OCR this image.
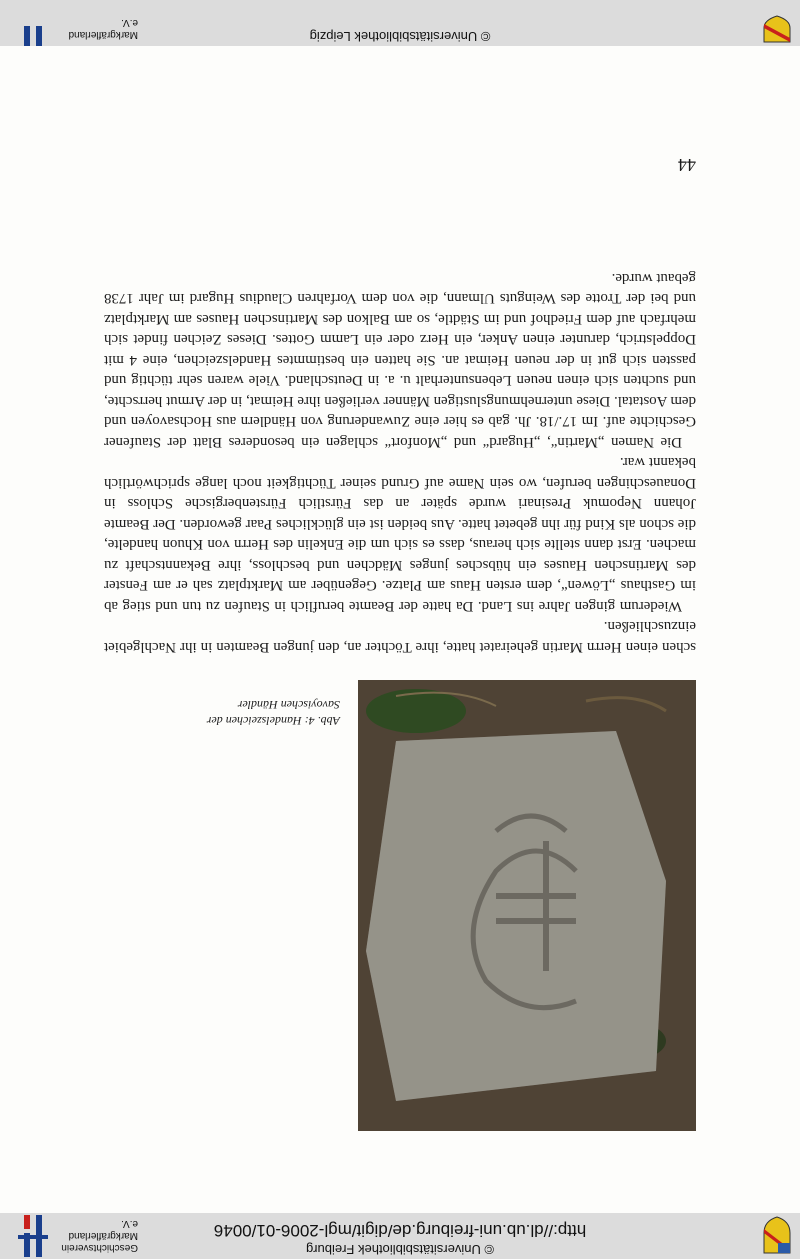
© Universitätsbibliothek Freiburg
http://dl.ub.uni-freiburg.de/digit/mgl-2006-01/0046
Geschichtsverein Markgräflerland e.V.
© Universitätsbibliothek Leipzig
Markgräflerland e.V.
Abb. 4: Handelszeichen der
Savoyischen Händler

schen einen Herrn Martin geheiratet hatte, ihre Töchter an, den jungen Beamten in ihr Nachlgebiet einzuschließen.

Wiederum gingen Jahre ins Land. Da hatte der Beamte beruflich in Staufen zu tun und stieg ab im Gasthaus „Löwen“, dem ersten Haus am Platze. Gegenüber am Marktplatz sah er am Fenster des Martinschen Hauses ein hübsches junges Mädchen und beschloss, ihre Bekanntschaft zu machen. Erst dann stellte sich heraus, dass es sich um die Enkelin des Herrn von Khuon handelte, die schon als Kind für ihn gebetet hatte. Aus beiden ist ein glückliches Paar geworden. Der Beamte Johann Nepomuk Presinari wurde später an das Fürstlich Fürstenbergische Schloss in Donaueschingen berufen, wo sein Name auf Grund seiner Tüchtigkeit noch lange sprichwörtlich bekannt war.

Die Namen „Martin“, „Hugard“ und „Monfort“ schlagen ein besonderes Blatt der Staufener Geschichte auf. Im 17./18. Jh. gab es hier eine Zuwanderung von Händlern aus Hochsavoyen und dem Aostatal. Diese unternehmungslustigen Männer verließen ihre Heimat, in der Armut herrschte, und suchten sich einen neuen Lebensunterhalt u. a. in Deutschland. Viele waren sehr tüchtig und passten sich gut in der neuen Heimat an. Sie hatten ein bestimmtes Handelszeichen, eine 4 mit Doppelstrich, darunter einen Anker, ein Herz oder ein Lamm Gottes. Dieses Zeichen findet sich mehrfach auf dem Friedhof und im Städtle, so am Balkon des Martinschen Hauses am Marktplatz und bei der Trotte des Weinguts Ulmann, die von dem Vorfahren Claudius Hugard im Jahr 1738 gebaut wurde.

44
